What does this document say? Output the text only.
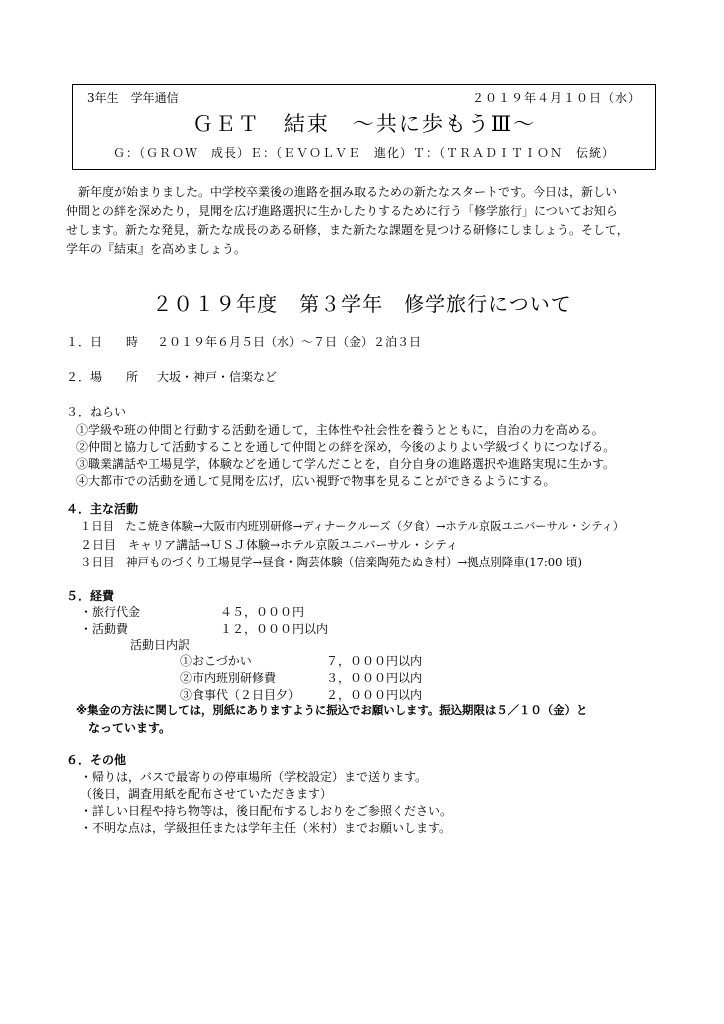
3年生　学年通信	２０１９年４月１０日（水）
ＧＥＴ　結束　～共に歩もうⅢ～
Ｇ：（ＧＲＯＷ　成長）Ｅ：（ＥＶＯＬＶＥ　進化）Ｔ：（ＴＲＡＤＩＴＩＯＮ　伝統）

新年度が始まりました。中学校卒業後の進路を掴み取るための新たなスタートです。今日は，新しい

仲間との絆を深めたり，見聞を広げ進路選択に生かしたりするために行う「修学旅行」についてお知ら

せします。新たな発見，新たな成長のある研修，また新たな課題を見つける研修にしましょう。そして，

学年の『結束』を高めましょう。

２０１９年度　第３学年　修学旅行について
１．日　　時 ２０１９年６月５日（水）～７日（金）２泊３日
２．場　　所 大坂・神戸・信楽など
３．ねらい
①学級や班の仲間と行動する活動を通して，主体性や社会性を養うとともに，自治の力を高める。
②仲間と協力して活動することを通して仲間との絆を深め，今後のよりよい学級づくりにつなげる。
③職業講話や工場見学，体験などを通して学んだことを，自分自身の進路選択や進路実現に生かす。
④大都市での活動を通して見聞を広げ，広い視野で物事を見ることができるようにする。
４．主な活動
１日目　たこ焼き体験→大阪市内班別研修→ディナークルーズ（夕食）→ホテル京阪ユニバーサル・シティ）
２日目　キャリア講話→ＵＳＪ体験→ホテル京阪ユニバーサル・シティ
３日目　神戸ものづくり工場見学→昼食・陶芸体験（信楽陶苑たぬき村）→拠点別降車(17:00 頃)
５．経費
・旅行代金	４５，０００円
・活動費	１２，０００円以内
活動日内訳
①おこづかい	７，０００円以内
②市内班別研修費	３，０００円以内
③食事代（２日目夕） ２，０００円以内
※集金の方法に関しては，別紙にありますように振込でお願いします。振込期限は５／１０（金）と
なっています。
６．その他
・帰りは，バスで最寄りの停車場所（学校設定）まで送ります。
（後日，調査用紙を配布させていただきます）
・詳しい日程や持ち物等は，後日配布するしおりをご参照ください。
・不明な点は，学級担任または学年主任（米村）までお願いします。
